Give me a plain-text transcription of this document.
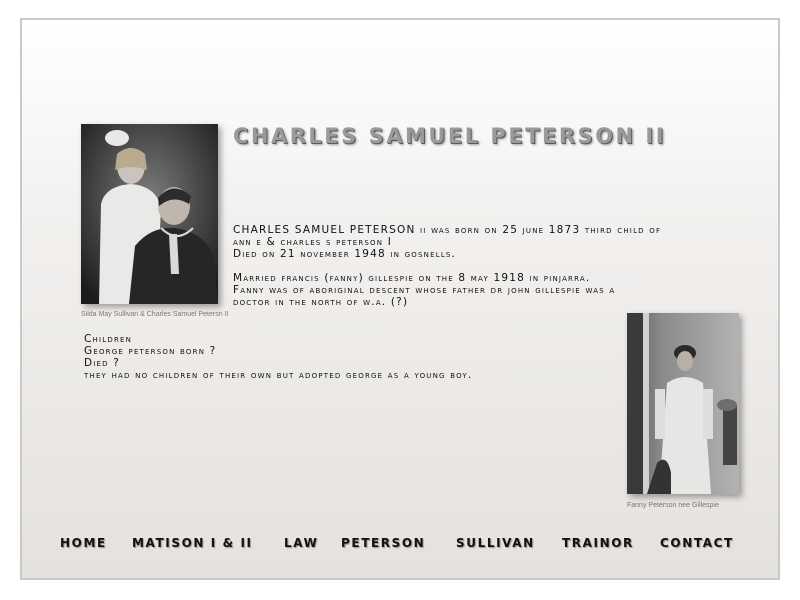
Silda May Sullivan & Charles Samuel Petersn II
CHARLES SAMUEL PETERSON II

CHARLES SAMUEL PETERSON ii was born on 25 june 1873 third child of
ann e & charles s peterson I
Died on 21 november 1948 in gosnells.

Married francis (fanny) gillespie on the 8 may 1918 in pinjarra.
Fanny was of aboriginal descent whose father dr john gillespie was a
doctor in the north of w.a. (?)

Children
George peterson born ?
Died ?
they had no children of their own but adopted george as a young boy.
Fanny Peterson nee Gillespie
HOME MATISON I & II	LAW PETERSON	SULLIVAN TRAINOR CONTACT
